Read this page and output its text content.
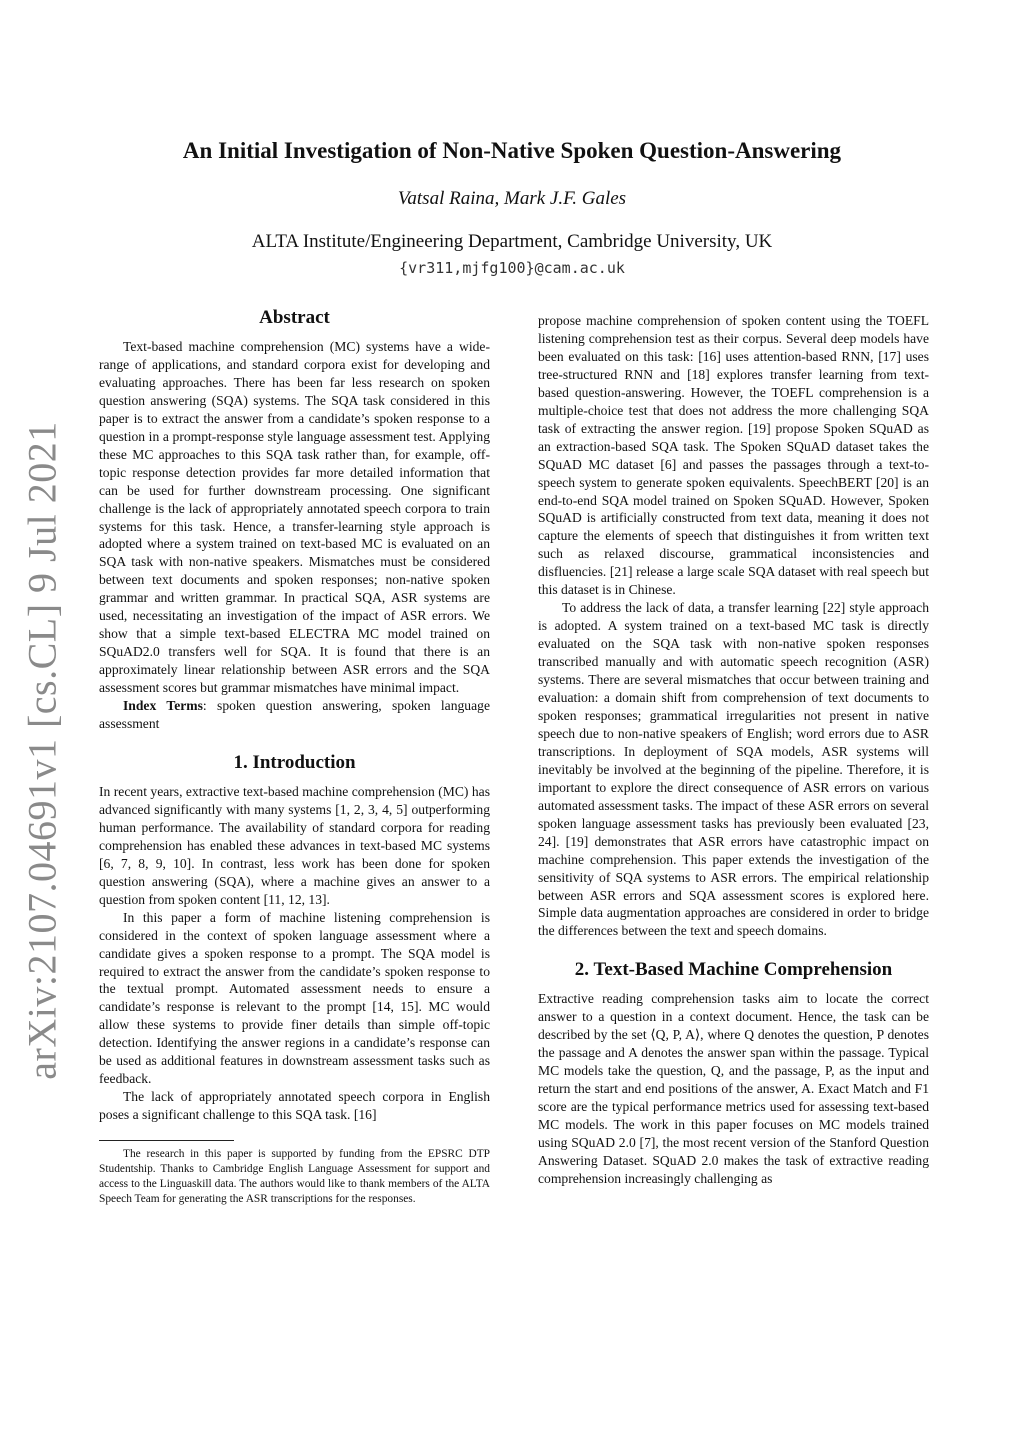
arXiv:2107.04691v1 [cs.CL] 9 Jul 2021
An Initial Investigation of Non-Native Spoken Question-Answering
Vatsal Raina, Mark J.F. Gales
ALTA Institute/Engineering Department, Cambridge University, UK
{vr311,mjfg100}@cam.ac.uk
Abstract

Text-based machine comprehension (MC) systems have a wide-range of applications, and standard corpora exist for developing and evaluating approaches. There has been far less research on spoken question answering (SQA) systems. The SQA task considered in this paper is to extract the answer from a candidate’s spoken response to a question in a prompt-response style language assessment test. Applying these MC approaches to this SQA task rather than, for example, off-topic response detection provides far more detailed information that can be used for further downstream processing. One significant challenge is the lack of appropriately annotated speech corpora to train systems for this task. Hence, a transfer-learning style approach is adopted where a system trained on text-based MC is evaluated on an SQA task with non-native speakers. Mismatches must be considered between text documents and spoken responses; non-native spoken grammar and written grammar. In practical SQA, ASR systems are used, necessitating an investigation of the impact of ASR errors. We show that a simple text-based ELECTRA MC model trained on SQuAD2.0 transfers well for SQA. It is found that there is an approximately linear relationship between ASR errors and the SQA assessment scores but grammar mismatches have minimal impact.

Index Terms: spoken question answering, spoken language assessment

1. Introduction

In recent years, extractive text-based machine comprehension (MC) has advanced significantly with many systems [1, 2, 3, 4, 5] outperforming human performance. The availability of standard corpora for reading comprehension has enabled these advances in text-based MC systems [6, 7, 8, 9, 10]. In contrast, less work has been done for spoken question answering (SQA), where a machine gives an answer to a question from spoken content [11, 12, 13].

In this paper a form of machine listening comprehension is considered in the context of spoken language assessment where a candidate gives a spoken response to a prompt. The SQA model is required to extract the answer from the candidate’s spoken response to the textual prompt. Automated assessment needs to ensure a candidate’s response is relevant to the prompt [14, 15]. MC would allow these systems to provide finer details than simple off-topic detection. Identifying the answer regions in a candidate’s response can be used as additional features in downstream assessment tasks such as feedback.

The lack of appropriately annotated speech corpora in English poses a significant challenge to this SQA task. [16]

The research in this paper is supported by funding from the EPSRC DTP Studentship. Thanks to Cambridge English Language Assessment for support and access to the Linguaskill data. The authors would like to thank members of the ALTA Speech Team for generating the ASR transcriptions for the responses.

propose machine comprehension of spoken content using the TOEFL listening comprehension test as their corpus. Several deep models have been evaluated on this task: [16] uses attention-based RNN, [17] uses tree-structured RNN and [18] explores transfer learning from text-based question-answering. However, the TOEFL comprehension is a multiple-choice test that does not address the more challenging SQA task of extracting the answer region. [19] propose Spoken SQuAD as an extraction-based SQA task. The Spoken SQuAD dataset takes the SQuAD MC dataset [6] and passes the passages through a text-to-speech system to generate spoken equivalents. SpeechBERT [20] is an end-to-end SQA model trained on Spoken SQuAD. However, Spoken SQuAD is artificially constructed from text data, meaning it does not capture the elements of speech that distinguishes it from written text such as relaxed discourse, grammatical inconsistencies and disfluencies. [21] release a large scale SQA dataset with real speech but this dataset is in Chinese.

To address the lack of data, a transfer learning [22] style approach is adopted. A system trained on a text-based MC task is directly evaluated on the SQA task with non-native spoken responses transcribed manually and with automatic speech recognition (ASR) systems. There are several mismatches that occur between training and evaluation: a domain shift from comprehension of text documents to spoken responses; grammatical irregularities not present in native speech due to non-native speakers of English; word errors due to ASR transcriptions. In deployment of SQA models, ASR systems will inevitably be involved at the beginning of the pipeline. Therefore, it is important to explore the direct consequence of ASR errors on various automated assessment tasks. The impact of these ASR errors on several spoken language assessment tasks has previously been evaluated [23, 24]. [19] demonstrates that ASR errors have catastrophic impact on machine comprehension. This paper extends the investigation of the sensitivity of SQA systems to ASR errors. The empirical relationship between ASR errors and SQA assessment scores is explored here. Simple data augmentation approaches are considered in order to bridge the differences between the text and speech domains.

2. Text-Based Machine Comprehension

Extractive reading comprehension tasks aim to locate the correct answer to a question in a context document. Hence, the task can be described by the set ⟨Q, P, A⟩, where Q denotes the question, P denotes the passage and A denotes the answer span within the passage. Typical MC models take the question, Q, and the passage, P, as the input and return the start and end positions of the answer, A. Exact Match and F1 score are the typical performance metrics used for assessing text-based MC models. The work in this paper focuses on MC models trained using SQuAD 2.0 [7], the most recent version of the Stanford Question Answering Dataset. SQuAD 2.0 makes the task of extractive reading comprehension increasingly challenging as
